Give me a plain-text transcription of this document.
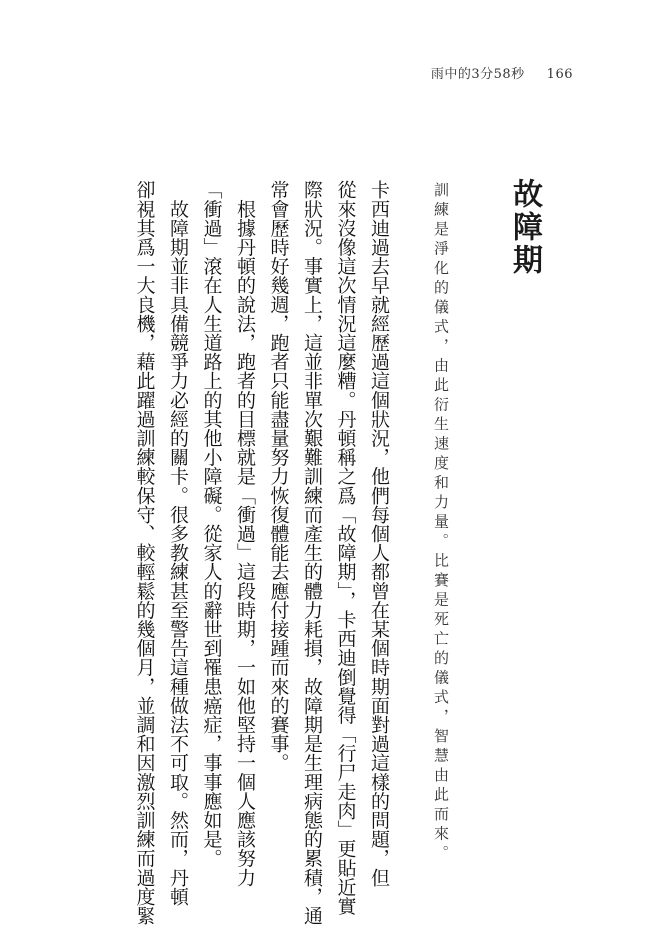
雨中的3分58秒 166
故障期
訓練是淨化的儀式，由此衍生速度和力量。比賽是死亡的儀式，智慧由此而來。

卡西迪過去早就經歷過這個狀況，他們每個人都曾在某個時期面對過這樣的問題，但

從來沒像這次情況這麼糟。丹頓稱之爲「故障期」，卡西迪倒覺得「行尸走肉」更貼近實

際狀況。事實上，這並非單次艱難訓練而產生的體力耗損，故障期是生理病態的累積，通

常會歷時好幾週，跑者只能盡量努力恢復體能去應付接踵而來的賽事。

　根據丹頓的說法，跑者的目標就是「衝過」這段時期，一如他堅持一個人應該努力

「衝過」滾在人生道路上的其他小障礙。從家人的辭世到罹患癌症，事事應如是。

　故障期並非具備競爭力必經的關卡。很多教練甚至警告這種做法不可取。然而，丹頓

卻視其爲一大良機，藉此躍過訓練較保守、較輕鬆的幾個月，並調和因激烈訓練而過度緊
